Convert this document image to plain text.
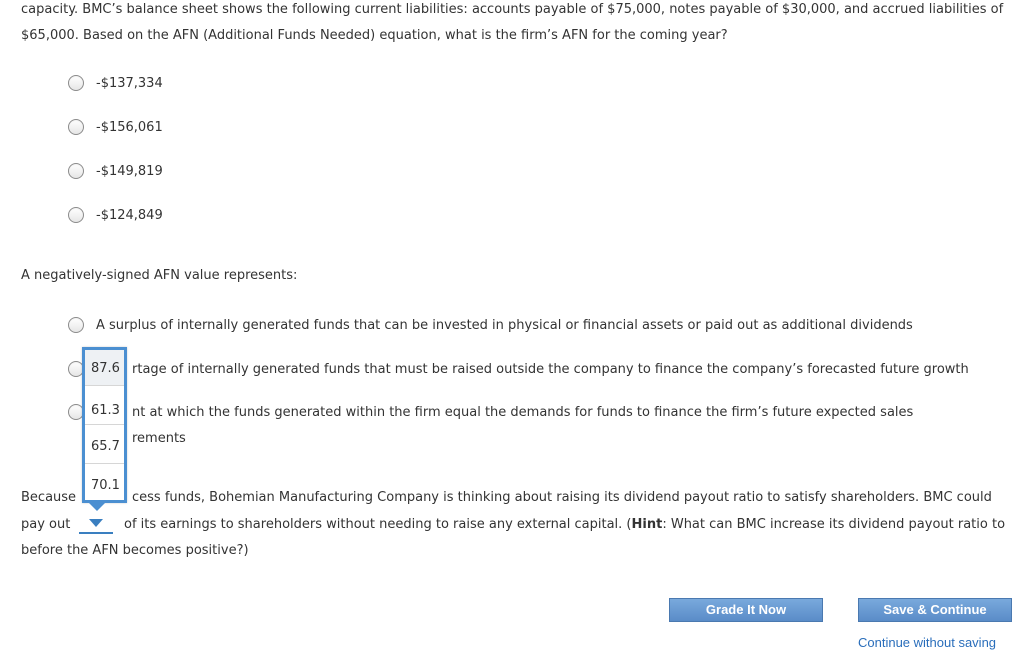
capacity. BMC’s balance sheet shows the following current liabilities: accounts payable of $75,000, notes payable of $30,000, and accrued liabilities of $65,000. Based on the AFN (Additional Funds Needed) equation, what is the firm’s AFN for the coming year?

-$137,334
-$156,061
-$149,819
-$124,849
A negatively-signed AFN value represents:
A surplus of internally generated funds that can be invested in physical or financial assets or paid out as additional dividends
rtage of internally generated funds that must be raised outside the company to finance the company’s forecasted future growth
nt at which the funds generated within the firm equal the demands for funds to finance the firm’s future expected sales
rements
Because	cess funds, Bohemian Manufacturing Company is thinking about raising its dividend payout ratio to satisfy shareholders. BMC could
pay out	of its earnings to shareholders without needing to raise any external capital. (Hint: What can BMC increase its dividend payout ratio to
before the AFN becomes positive?)
87.6
61.3
65.7
70.1
Grade It Now	Save & Continue
Continue without saving
